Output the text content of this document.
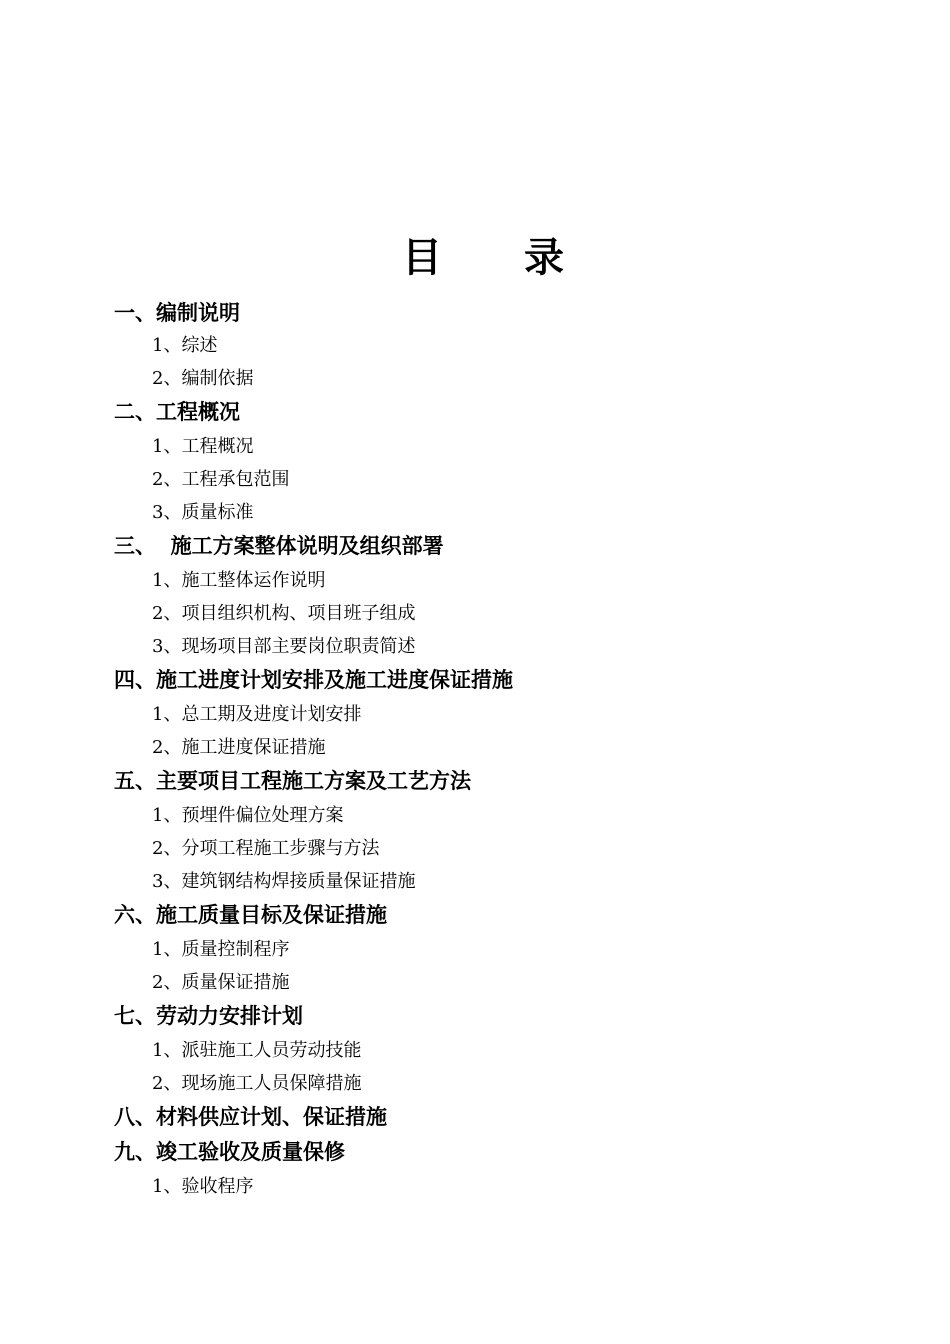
目 录
一、编制说明
1、综述
2、编制依据
二、工程概况
1、工程概况
2、工程承包范围
3、质量标准
三、  施工方案整体说明及组织部署
1、施工整体运作说明
2、项目组织机构、项目班子组成
3、现场项目部主要岗位职责简述
四、施工进度计划安排及施工进度保证措施
1、总工期及进度计划安排
2、施工进度保证措施
五、主要项目工程施工方案及工艺方法
1、预埋件偏位处理方案
2、分项工程施工步骤与方法
3、建筑钢结构焊接质量保证措施
六、施工质量目标及保证措施
1、质量控制程序
2、质量保证措施
七、劳动力安排计划
1、派驻施工人员劳动技能
2、现场施工人员保障措施
八、材料供应计划、保证措施
九、竣工验收及质量保修
1、验收程序
